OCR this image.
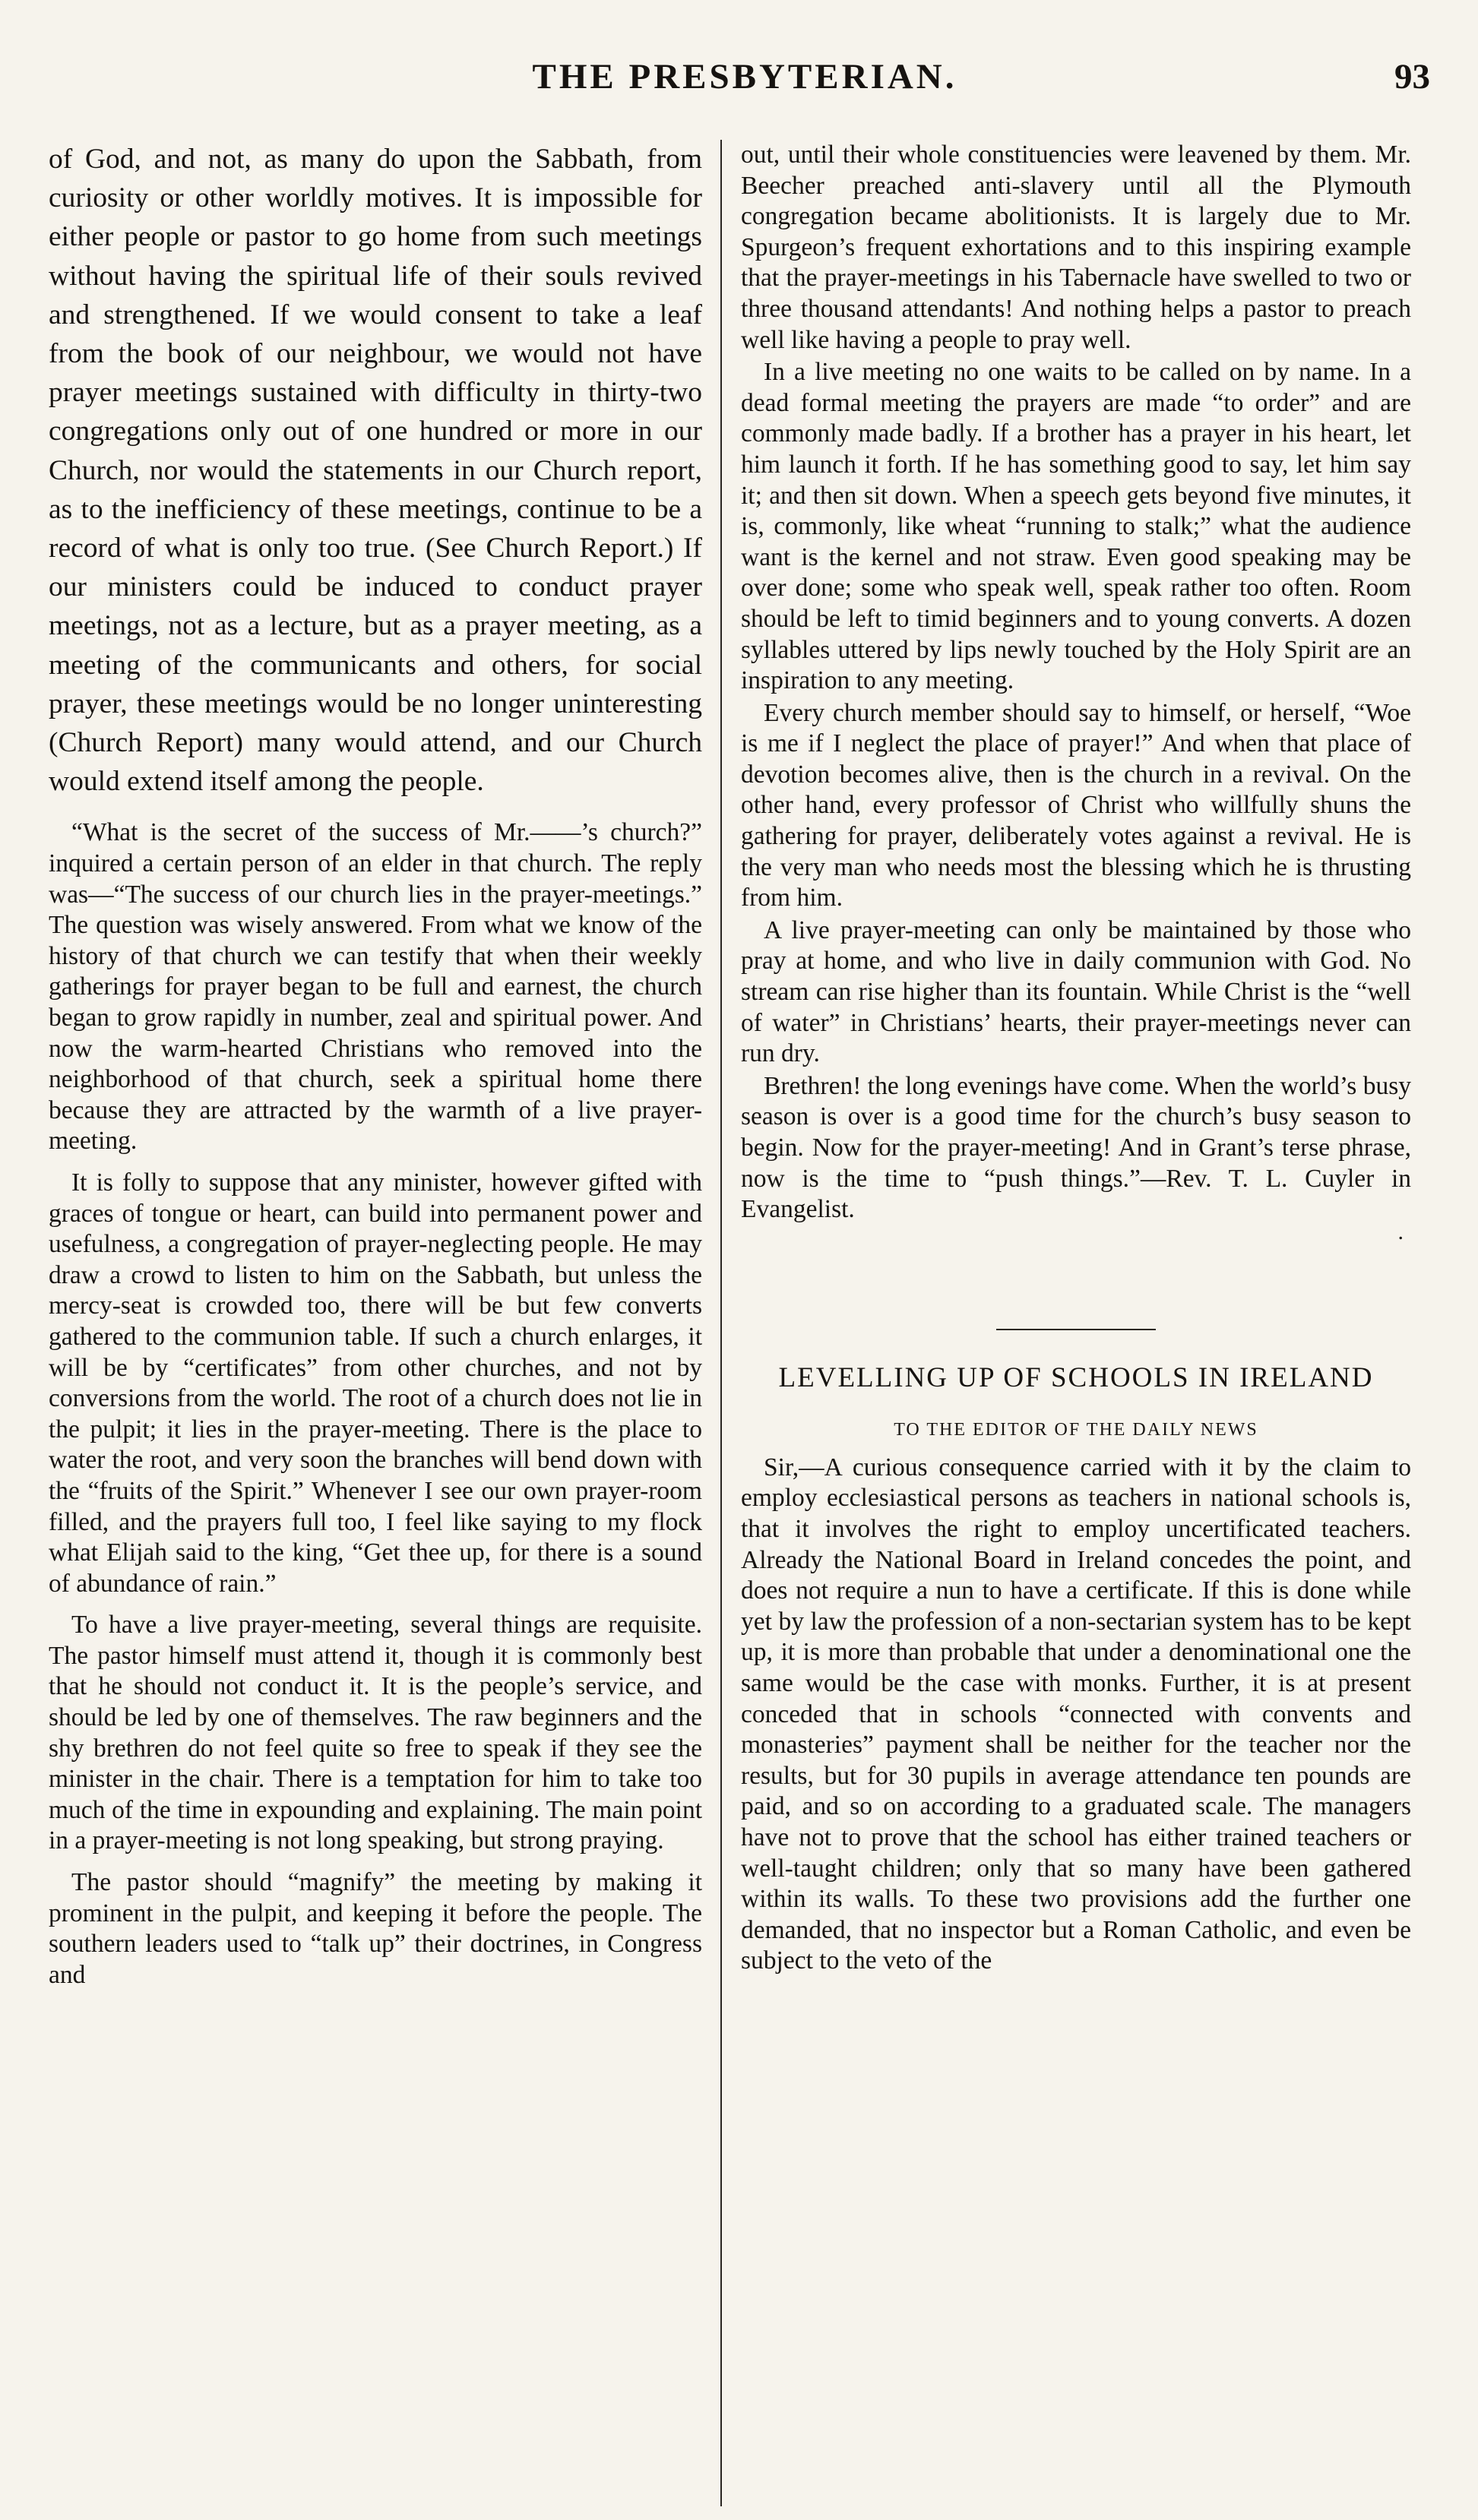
THE PRESBYTERIAN.	93

of God, and not, as many do upon the Sabbath, from curiosity or other worldly motives. It is impossible for either people or pastor to go home from such meetings without having the spiritual life of their souls revived and strengthened. If we would consent to take a leaf from the book of our neighbour, we would not have prayer meetings sustained with difficulty in thirty-two congregations only out of one hundred or more in our Church, nor would the statements in our Church report, as to the inefficiency of these meetings, continue to be a record of what is only too true. (See Church Report.) If our ministers could be induced to conduct prayer meetings, not as a lecture, but as a prayer meeting, as a meeting of the communicants and others, for social prayer, these meetings would be no longer uninteresting (Church Report) many would attend, and our Church would extend itself among the people.

“What is the secret of the success of Mr.——’s church?” inquired a certain person of an elder in that church. The reply was—“The success of our church lies in the prayer-meetings.” The question was wisely answered. From what we know of the history of that church we can testify that when their weekly gatherings for prayer began to be full and earnest, the church began to grow rapidly in number, zeal and spiritual power. And now the warm-hearted Christians who removed into the neighborhood of that church, seek a spiritual home there because they are attracted by the warmth of a live prayer-meeting.

It is folly to suppose that any minister, however gifted with graces of tongue or heart, can build into permanent power and usefulness, a congregation of prayer-neglecting people. He may draw a crowd to listen to him on the Sabbath, but unless the mercy-seat is crowded too, there will be but few converts gathered to the communion table. If such a church enlarges, it will be by “certificates” from other churches, and not by conversions from the world. The root of a church does not lie in the pulpit; it lies in the prayer-meeting. There is the place to water the root, and very soon the branches will bend down with the “fruits of the Spirit.” Whenever I see our own prayer-room filled, and the prayers full too, I feel like saying to my flock what Elijah said to the king, “Get thee up, for there is a sound of abundance of rain.”

To have a live prayer-meeting, several things are requisite. The pastor himself must attend it, though it is commonly best that he should not conduct it. It is the people’s service, and should be led by one of themselves. The raw beginners and the shy brethren do not feel quite so free to speak if they see the minister in the chair. There is a temptation for him to take too much of the time in expounding and explaining. The main point in a prayer-meeting is not long speaking, but strong praying.

The pastor should “magnify” the meeting by making it prominent in the pulpit, and keeping it before the people. The southern leaders used to “talk up” their doctrines, in Congress and

out, until their whole constituencies were leavened by them. Mr. Beecher preached anti-slavery until all the Plymouth congregation became abolitionists. It is largely due to Mr. Spurgeon’s frequent exhortations and to this inspiring example that the prayer-meetings in his Tabernacle have swelled to two or three thousand attendants! And nothing helps a pastor to preach well like having a people to pray well.

In a live meeting no one waits to be called on by name. In a dead formal meeting the prayers are made “to order” and are commonly made badly. If a brother has a prayer in his heart, let him launch it forth. If he has something good to say, let him say it; and then sit down. When a speech gets beyond five minutes, it is, commonly, like wheat “running to stalk;” what the audience want is the kernel and not straw. Even good speaking may be over done; some who speak well, speak rather too often. Room should be left to timid beginners and to young converts. A dozen syllables uttered by lips newly touched by the Holy Spirit are an inspiration to any meeting.

Every church member should say to himself, or herself, “Woe is me if I neglect the place of prayer!” And when that place of devotion becomes alive, then is the church in a revival. On the other hand, every professor of Christ who willfully shuns the gathering for prayer, deliberately votes against a revival. He is the very man who needs most the blessing which he is thrusting from him.

A live prayer-meeting can only be maintained by those who pray at home, and who live in daily communion with God. No stream can rise higher than its fountain. While Christ is the “well of water” in Christians’ hearts, their prayer-meetings never can run dry.

Brethren! the long evenings have come. When the world’s busy season is over is a good time for the church’s busy season to begin. Now for the prayer-meeting! And in Grant’s terse phrase, now is the time to “push things.”—Rev. T. L. Cuyler in Evangelist.

.
LEVELLING UP OF SCHOOLS IN IRELAND
TO THE EDITOR OF THE DAILY NEWS

Sir,—A curious consequence carried with it by the claim to employ ecclesiastical persons as teachers in national schools is, that it involves the right to employ uncertificated teachers. Already the National Board in Ireland concedes the point, and does not require a nun to have a certificate. If this is done while yet by law the profession of a non-sectarian system has to be kept up, it is more than probable that under a denominational one the same would be the case with monks. Further, it is at present conceded that in schools “connected with convents and monasteries” payment shall be neither for the teacher nor the results, but for 30 pupils in average attendance ten pounds are paid, and so on according to a graduated scale. The managers have not to prove that the school has either trained teachers or well-taught children; only that so many have been gathered within its walls. To these two provisions add the further one demanded, that no inspector but a Roman Catholic, and even be subject to the veto of the
